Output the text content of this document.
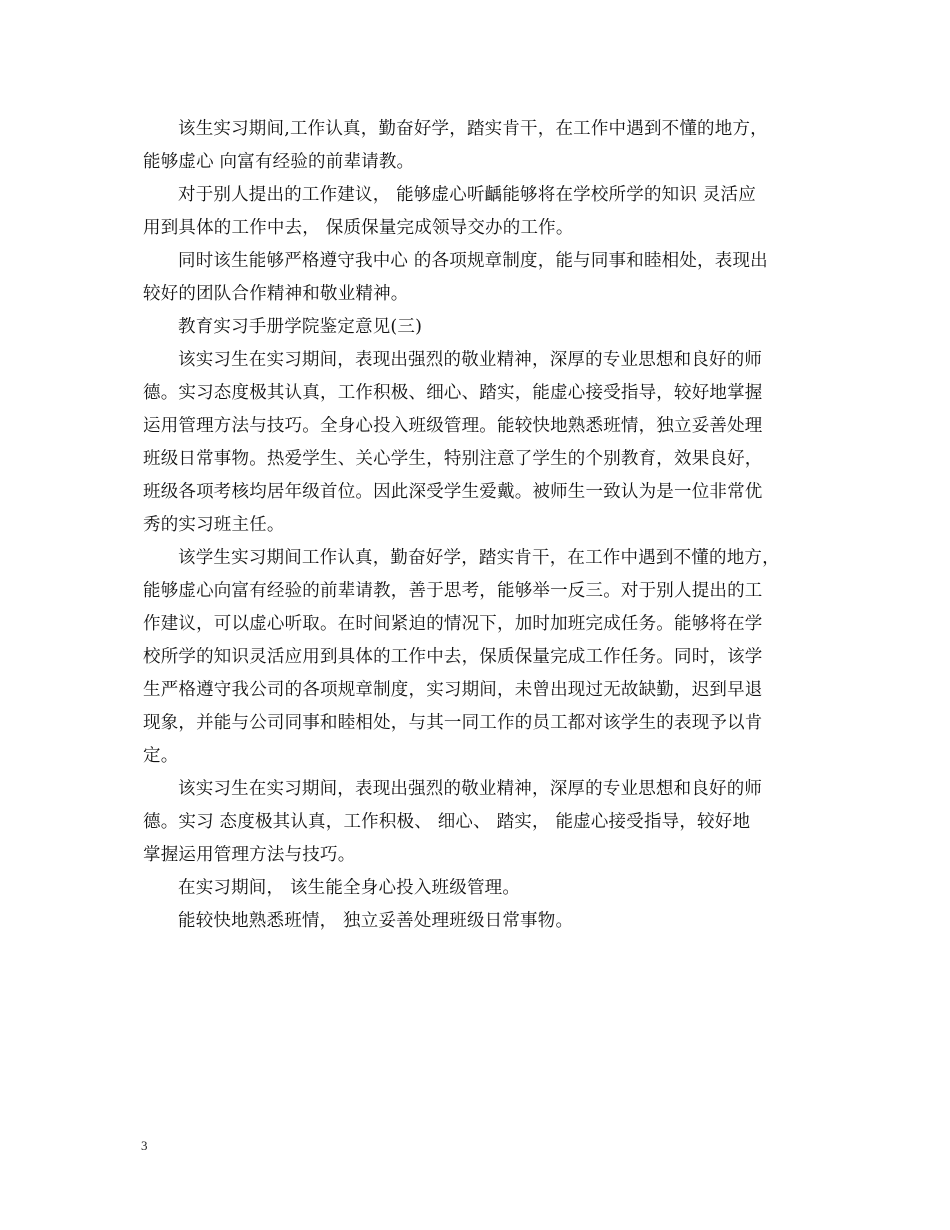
该生实习期间,工作认真，勤奋好学，踏实肯干，在工作中遇到不懂的地方，
能够虚心 向富有经验的前辈请教。

对于别人提出的工作建议， 能够虚心听齲能够将在学校所学的知识 灵活应
用到具体的工作中去， 保质保量完成领导交办的工作。

同时该生能够严格遵守我中心 的各项规章制度，能与同事和睦相处，表现出
较好的团队合作精神和敬业精神。

教育实习手册学院鉴定意见(三)

该实习生在实习期间，表现出强烈的敬业精神，深厚的专业思想和良好的师
德。实习态度极其认真，工作积极、细心、踏实，能虚心接受指导，较好地掌握
运用管理方法与技巧。全身心投入班级管理。能较快地熟悉班情，独立妥善处理
班级日常事物。热爱学生、关心学生，特别注意了学生的个别教育，效果良好，
班级各项考核均居年级首位。因此深受学生爱戴。被师生一致认为是一位非常优
秀的实习班主任。

该学生实习期间工作认真，勤奋好学，踏实肯干，在工作中遇到不懂的地方，
能够虚心向富有经验的前辈请教，善于思考，能够举一反三。对于别人提出的工
作建议，可以虚心听取。在时间紧迫的情况下，加时加班完成任务。能够将在学
校所学的知识灵活应用到具体的工作中去，保质保量完成工作任务。同时，该学
生严格遵守我公司的各项规章制度，实习期间，未曾出现过无故缺勤，迟到早退
现象，并能与公司同事和睦相处，与其一同工作的员工都对该学生的表现予以肯
定。

该实习生在实习期间，表现出强烈的敬业精神，深厚的专业思想和良好的师
德。实习 态度极其认真，工作积极、 细心、 踏实， 能虚心接受指导，较好地
掌握运用管理方法与技巧。

在实习期间， 该生能全身心投入班级管理。

能较快地熟悉班情， 独立妥善处理班级日常事物。

3
